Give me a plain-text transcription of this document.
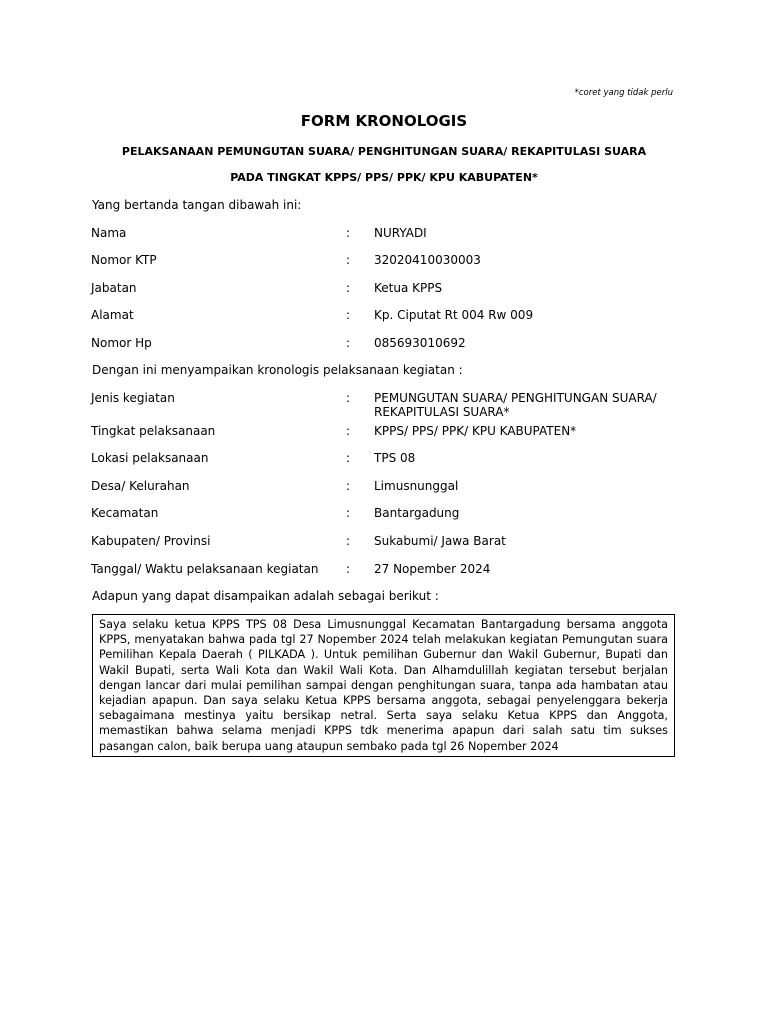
*coret yang tidak perlu
FORM KRONOLOGIS
PELAKSANAAN PEMUNGUTAN SUARA/ PENGHITUNGAN SUARA/ REKAPITULASI SUARA
PADA TINGKAT KPPS/ PPS/ PPK/ KPU KABUPATEN*
Yang bertanda tangan dibawah ini:
Nama	: NURYADI
Nomor KTP	: 32020410030003
Jabatan	: Ketua KPPS
Alamat	: Kp. Ciputat Rt 004 Rw 009
Nomor Hp	: 085693010692
Dengan ini menyampaikan kronologis pelaksanaan kegiatan :
Jenis kegiatan	: PEMUNGUTAN SUARA/ PENGHITUNGAN SUARA/ REKAPITULASI SUARA*
Tingkat pelaksanaan	: KPPS/ PPS/ PPK/ KPU KABUPATEN*
Lokasi pelaksanaan	: TPS 08
Desa/ Kelurahan	: Limusnunggal
Kecamatan	: Bantargadung
Kabupaten/ Provinsi	: Sukabumi/ Jawa Barat
Tanggal/ Waktu pelaksanaan kegiatan : 27 Nopember 2024
Adapun yang dapat disampaikan adalah sebagai berikut :
Saya selaku ketua KPPS TPS 08 Desa Limusnunggal Kecamatan Bantargadung bersama anggota KPPS, menyatakan bahwa pada tgl 27 Nopember 2024 telah melakukan kegiatan Pemungutan suara Pemilihan Kepala Daerah ( PILKADA ). Untuk pemilihan Gubernur dan Wakil Gubernur, Bupati dan Wakil Bupati, serta Wali Kota dan Wakil Wali Kota. Dan Alhamdulillah kegiatan tersebut berjalan dengan lancar dari mulai pemilihan sampai dengan penghitungan suara, tanpa ada hambatan atau kejadian apapun. Dan saya selaku Ketua KPPS bersama anggota, sebagai penyelenggara bekerja sebagaimana mestinya yaitu bersikap netral. Serta saya selaku Ketua KPPS dan Anggota, memastikan bahwa selama menjadi KPPS tdk menerima apapun dari salah satu tim sukses pasangan calon, baik berupa uang ataupun sembako pada tgl 26 Nopember 2024
